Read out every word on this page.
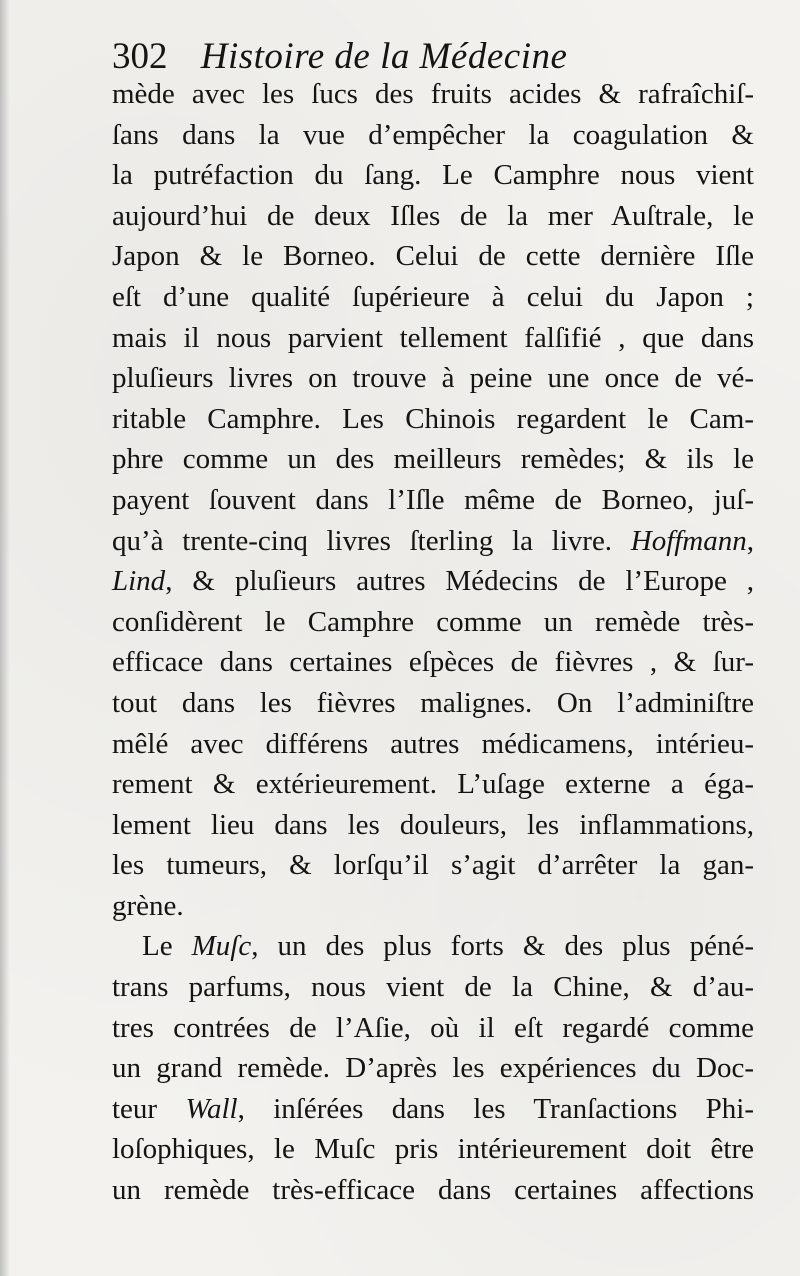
302 Histoire de la Médecine
mède avec les ſucs des fruits acides & rafraîchiſ-
ſans dans la vue d’empêcher la coagulation &
la putréfaction du ſang. Le Camphre nous vient
aujourd’hui de deux Iſles de la mer Auſtrale, le
Japon & le Borneo. Celui de cette dernière Iſle
eſt d’une qualité ſupérieure à celui du Japon ;
mais il nous parvient tellement falſifié , que dans
pluſieurs livres on trouve à peine une once de vé-
ritable Camphre. Les Chinois regardent le Cam-
phre comme un des meilleurs remèdes; & ils le
payent ſouvent dans l’Iſle même de Borneo, juſ-
qu’à trente-cinq livres ſterling la livre. Hoffmann,
Lind, & pluſieurs autres Médecins de l’Europe ,
conſidèrent le Camphre comme un remède très-
efficace dans certaines eſpèces de fièvres , & ſur-
tout dans les fièvres malignes. On l’adminiſtre
mêlé avec différens autres médicamens, intérieu-
rement & extérieurement. L’uſage externe a éga-
lement lieu dans les douleurs, les inflammations,
les tumeurs, & lorſqu’il s’agit d’arrêter la gan-
grène.
Le Muſc, un des plus forts & des plus péné-
trans parfums, nous vient de la Chine, & d’au-
tres contrées de l’Aſie, où il eſt regardé comme
un grand remède. D’après les expériences du Doc-
teur Wall, inſérées dans les Tranſactions Phi-
loſophiques, le Muſc pris intérieurement doit être
un remède très-efficace dans certaines affections
